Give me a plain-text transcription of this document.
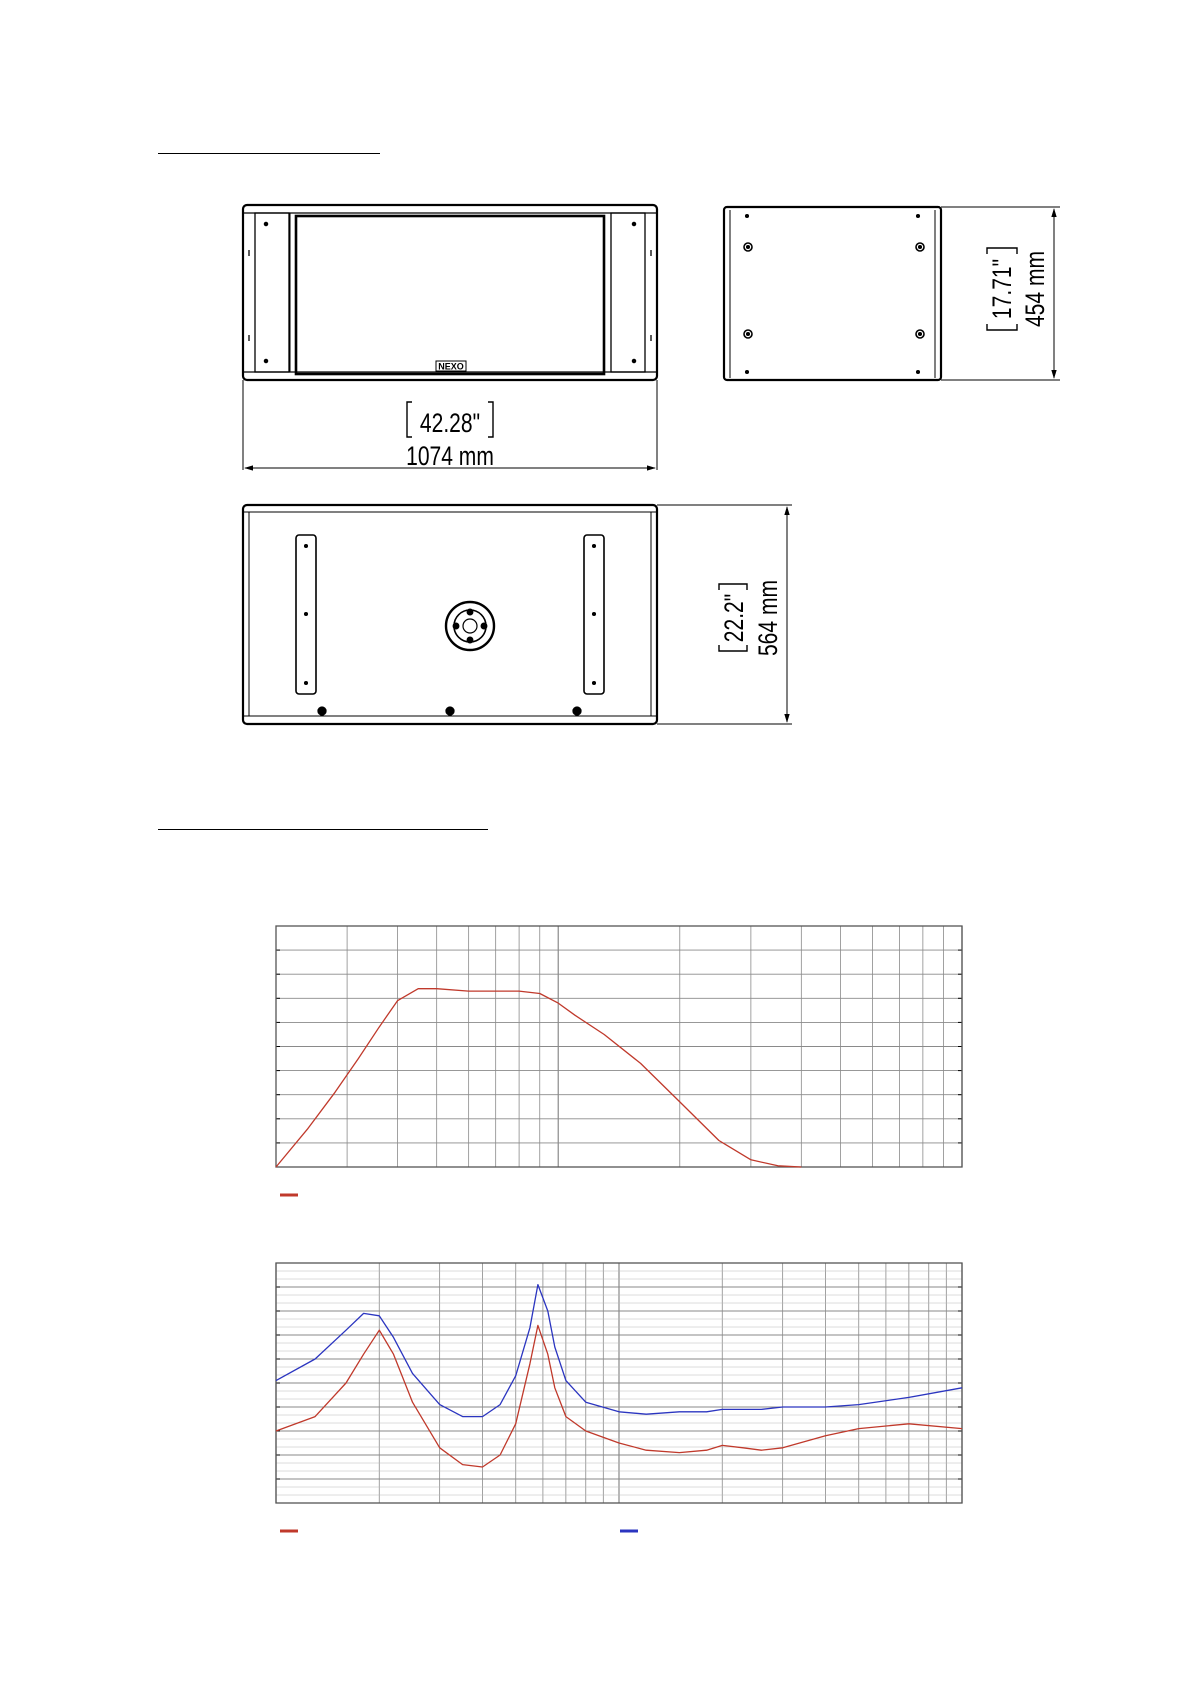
NEXO
42.28"
1074 mm
17.71" 454 mm
22.2" 564 mm
